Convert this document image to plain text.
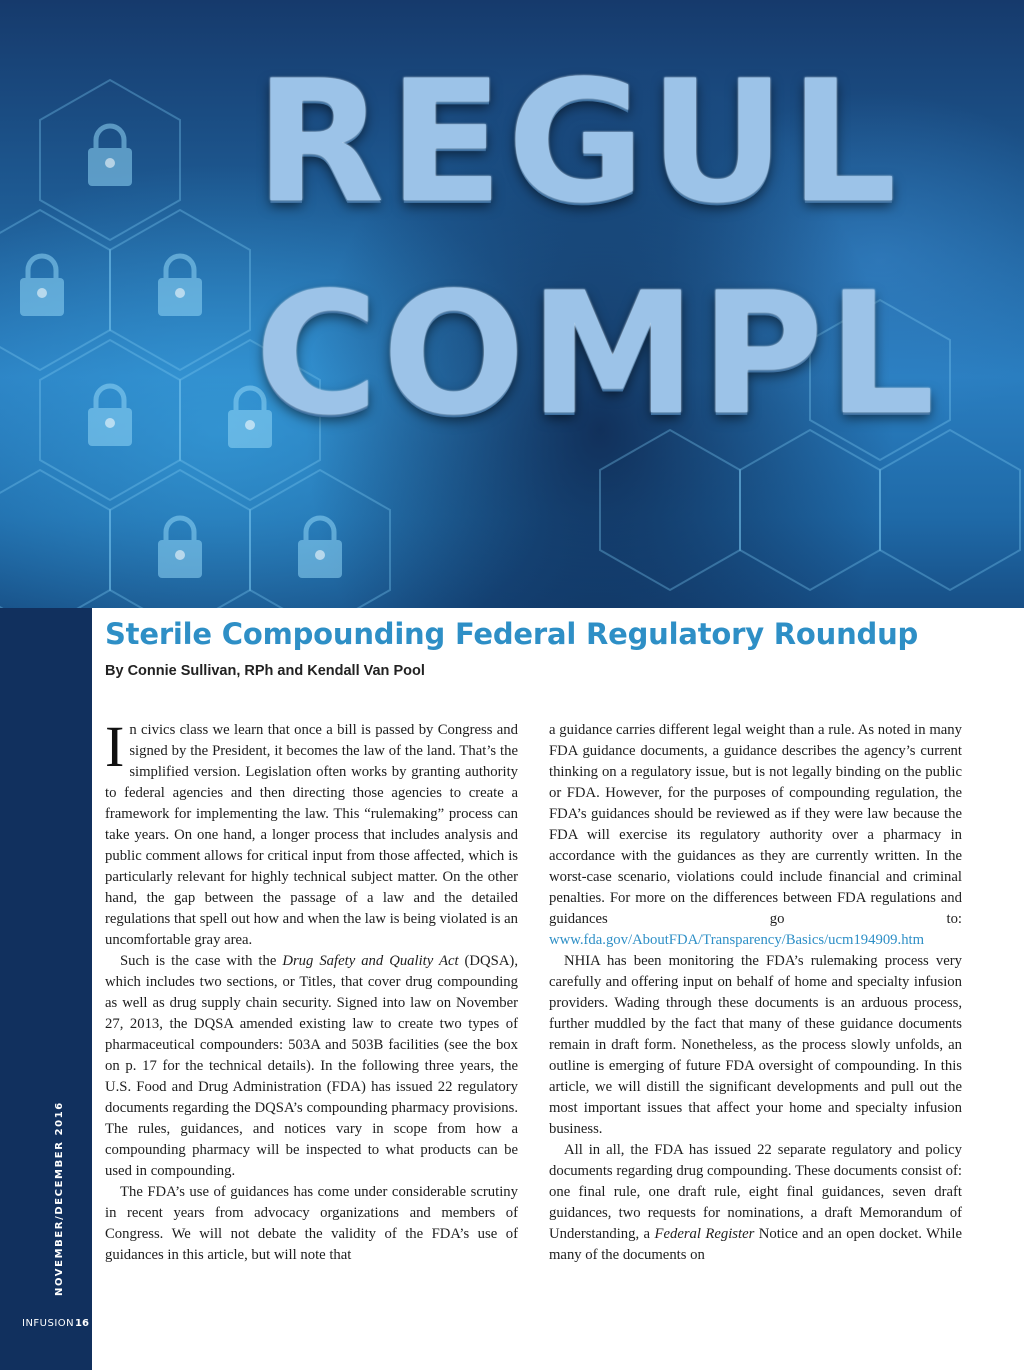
REGUL
COMPL
NOVEMBER/DECEMBER 2016
INFUSION 16
Sterile Compounding Federal Regulatory Roundup
By Connie Sullivan, RPh and Kendall Van Pool

In civics class we learn that once a bill is passed by Congress and signed by the President, it becomes the law of the land. That’s the simplified version. Legislation often works by granting authority to federal agencies and then directing those agencies to create a framework for implementing the law. This “rulemaking” process can take years. On one hand, a longer process that includes analysis and public comment allows for critical input from those affected, which is particularly relevant for highly technical subject matter. On the other hand, the gap between the passage of a law and the detailed regulations that spell out how and when the law is being violated is an uncomfortable gray area.

Such is the case with the Drug Safety and Quality Act (DQSA), which includes two sections, or Titles, that cover drug compounding as well as drug supply chain security. Signed into law on November 27, 2013, the DQSA amended existing law to create two types of pharmaceutical compounders: 503A and 503B facilities (see the box on p. 17 for the technical details). In the following three years, the U.S. Food and Drug Administration (FDA) has issued 22 regulatory documents regarding the DQSA’s compounding pharmacy provisions. The rules, guidances, and notices vary in scope from how a compounding pharmacy will be inspected to what products can be used in compounding.

The FDA’s use of guidances has come under considerable scrutiny in recent years from advocacy organizations and members of Congress. We will not debate the validity of the FDA’s use of guidances in this article, but will note that

a guidance carries different legal weight than a rule. As noted in many FDA guidance documents, a guidance describes the agency’s current thinking on a regulatory issue, but is not legally binding on the public or FDA. However, for the purposes of compounding regulation, the FDA’s guidances should be reviewed as if they were law because the FDA will exercise its regulatory authority over a pharmacy in accordance with the guidances as they are currently written. In the worst-case scenario, violations could include financial and criminal penalties. For more on the differences between FDA regulations and guidances go to: www.fda.gov/AboutFDA/Transparency/Basics/ucm194909.htm

NHIA has been monitoring the FDA’s rulemaking process very carefully and offering input on behalf of home and specialty infusion providers. Wading through these documents is an arduous process, further muddled by the fact that many of these guidance documents remain in draft form. Nonetheless, as the process slowly unfolds, an outline is emerging of future FDA oversight of compounding. In this article, we will distill the significant developments and pull out the most important issues that affect your home and specialty infusion business.

All in all, the FDA has issued 22 separate regulatory and policy documents regarding drug compounding. These documents consist of: one final rule, one draft rule, eight final guidances, seven draft guidances, two requests for nominations, a draft Memorandum of Understanding, a Federal Register Notice and an open docket. While many of the documents on
